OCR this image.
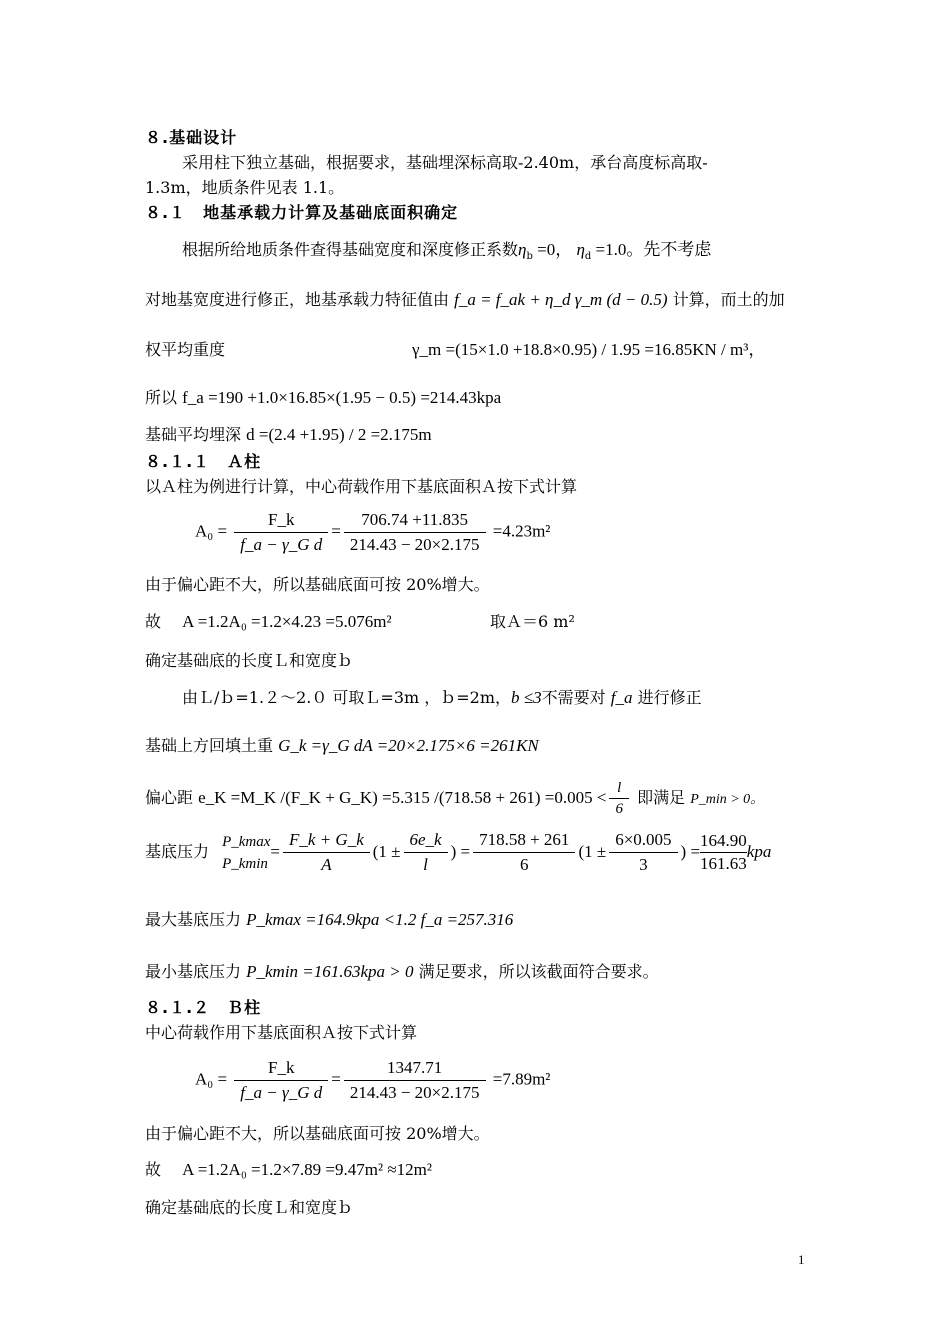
８.基础设计
采用柱下独立基础，根据要求，基础埋深标高取-2.40m，承台高度标高取-
1.3m，地质条件见表 1.1。
８.１　地基承载力计算及基础底面积确定
根据所给地质条件查得基础宽度和深度修正系数$\eta_b =0$， $\eta_d =1.0$。先不考虑
对地基宽度进行修正，地基承载力特征值由 f_a = f_ak + η_d γ_m (d − 0.5) 计算，而土的加
权平均重度	γ_m =(15×1.0 +18.8×0.95) / 1.95 =16.85KN / m³，
所以 f_a =190 +1.0×16.85×(1.95 − 0.5) =214.43kpa
基础平均埋深 d =(2.4 +1.95) / 2 =2.175m
８.１.１　Ａ柱
以Ａ柱为例进行计算，中心荷载作用下基底面积Ａ按下式计算
$A_0 = \frac{F\_k}{\text{f\_a − γ\_G d}} = \frac{706.74 +11.835}{214.43 - 20\times 2.175} =4.23m^2$
由于偏心距不大，所以基础底面可按 20%增大。
故 A =1.2A₀ =1.2×4.23 =5.076m²	取Ａ＝6 m²
确定基础底的长度Ｌ和宽度ｂ
由Ｌ/ｂ=1.２～2.０ 可取Ｌ=3m ，ｂ=2m，b ≤3不需要对 f_a 进行修正
基础上方回填土重 G_k =γ_G dA =20×2.175×6 =261KN
偏心距 e_K =M_K /(F_K + G_K) =5.315 $/(718.58 + 261) =0.005 < \frac{l}{6}$ 即满足 P_min > 0。
基底压力
P_kmax
P_kmin
= $\frac{F\_k + G\_k}{A} (1 \pm \frac{6e\_k}{l}$ ) = $\frac{718.58 + 261}{6} (1 \pm \frac{6\times 0.005}{3}$ ) = $\frac{164.90}{161.63}$ kpa
最大基底压力 P_kmax =164.9kpa <1.2 f_a =257.316
最小基底压力 P_kmin =161.63kpa > 0 满足要求，所以该截面符合要求。
８.１.２　Ｂ柱
中心荷载作用下基底面积Ａ按下式计算
$A_0 = \frac{F\_k}{\text{f\_a − γ\_G d}} = \frac{1347.71}{214.43 - 20\times 2.175} =7.89m^2$
由于偏心距不大，所以基础底面可按 20%增大。
故 A =1.2A₀ =1.2×7.89 =9.47m² ≈12m²
确定基础底的长度Ｌ和宽度ｂ
1
